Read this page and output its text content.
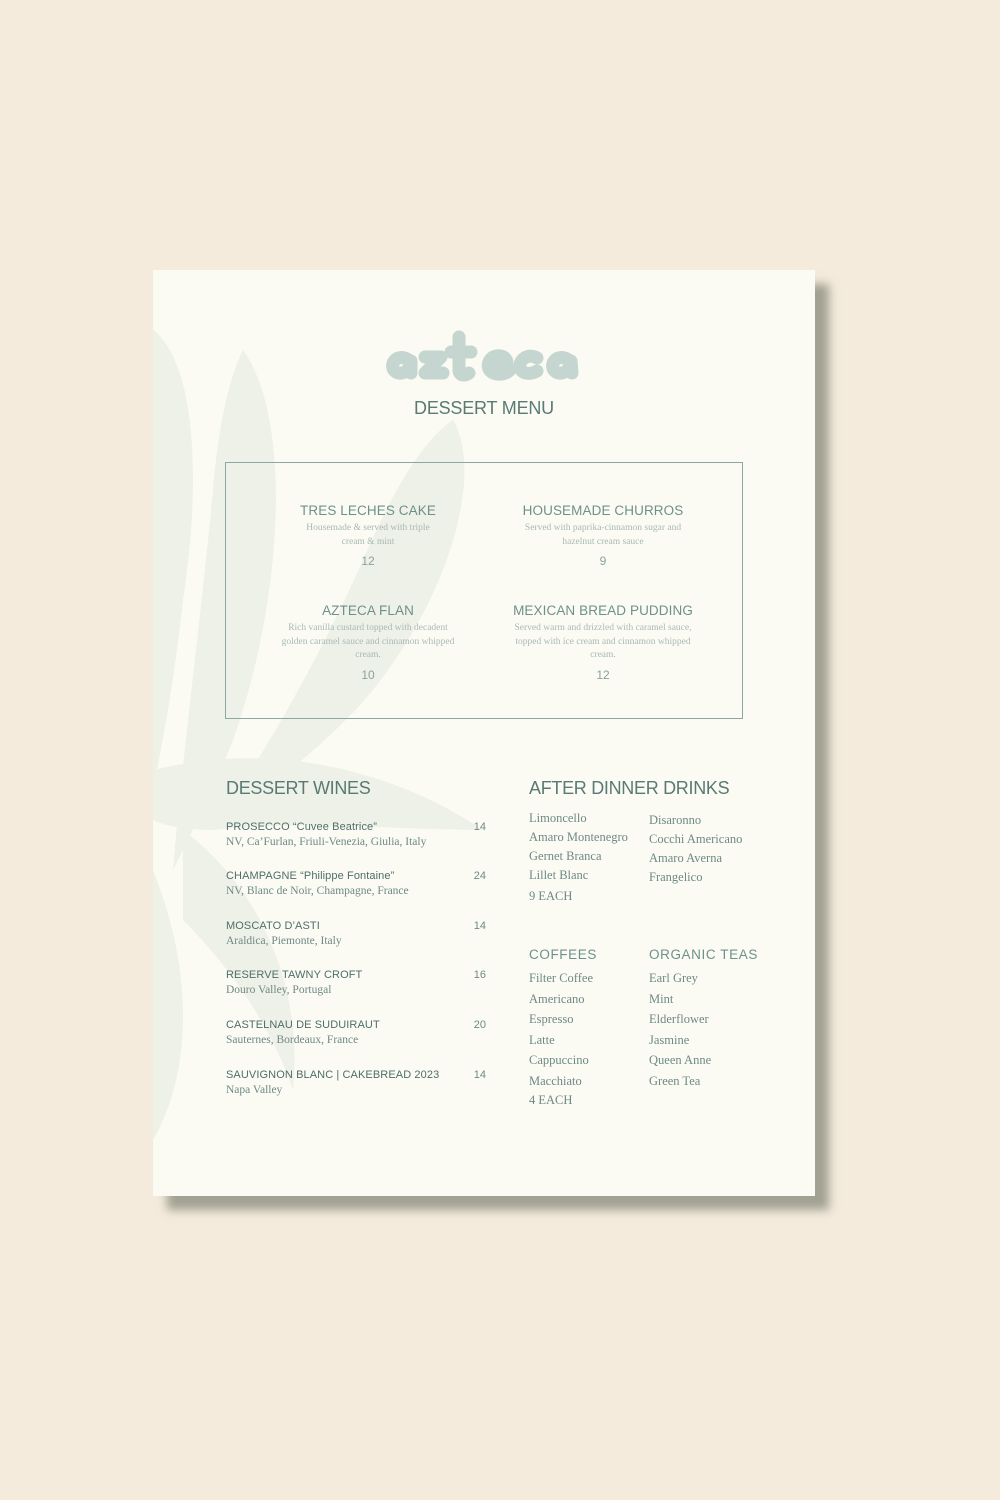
DESSERT MENU
TRES LECHES CAKE
Housemade & served with triple
cream & mint
12
HOUSEMADE CHURROS
Served with paprika-cinnamon sugar and
hazelnut cream sauce
9
AZTECA FLAN
Rich vanilla custard topped with decadent
golden caramel sauce and cinnamon whipped
cream.
10
MEXICAN BREAD PUDDING
Served warm and drizzled with caramel sauce,
topped with ice cream and cinnamon whipped
cream.
12
DESSERT WINES
PROSECCO “Cuvee Beatrice”
NV, Ca’Furlan, Friuli-Venezia, Giulia, Italy
14
CHAMPAGNE “Philippe Fontaine”
NV, Blanc de Noir, Champagne, France
24
MOSCATO D’ASTI
Araldica, Piemonte, Italy
14
RESERVE TAWNY CROFT
Douro Valley, Portugal
16
CASTELNAU DE SUDUIRAUT
Sauternes, Bordeaux, France
20
SAUVIGNON BLANC | CAKEBREAD 2023
Napa Valley
14
AFTER DINNER DRINKS
Limoncello
Amaro Montenegro
Gernet Branca
Lillet Blanc
Disaronno
Cocchi Americano
Amaro Averna
Frangelico
9 EACH
COFFEES
Filter Coffee
Americano
Espresso
Latte
Cappuccino
Macchiato
4 EACH
ORGANIC TEAS
Earl Grey
Mint
Elderflower
Jasmine
Queen Anne
Green Tea
